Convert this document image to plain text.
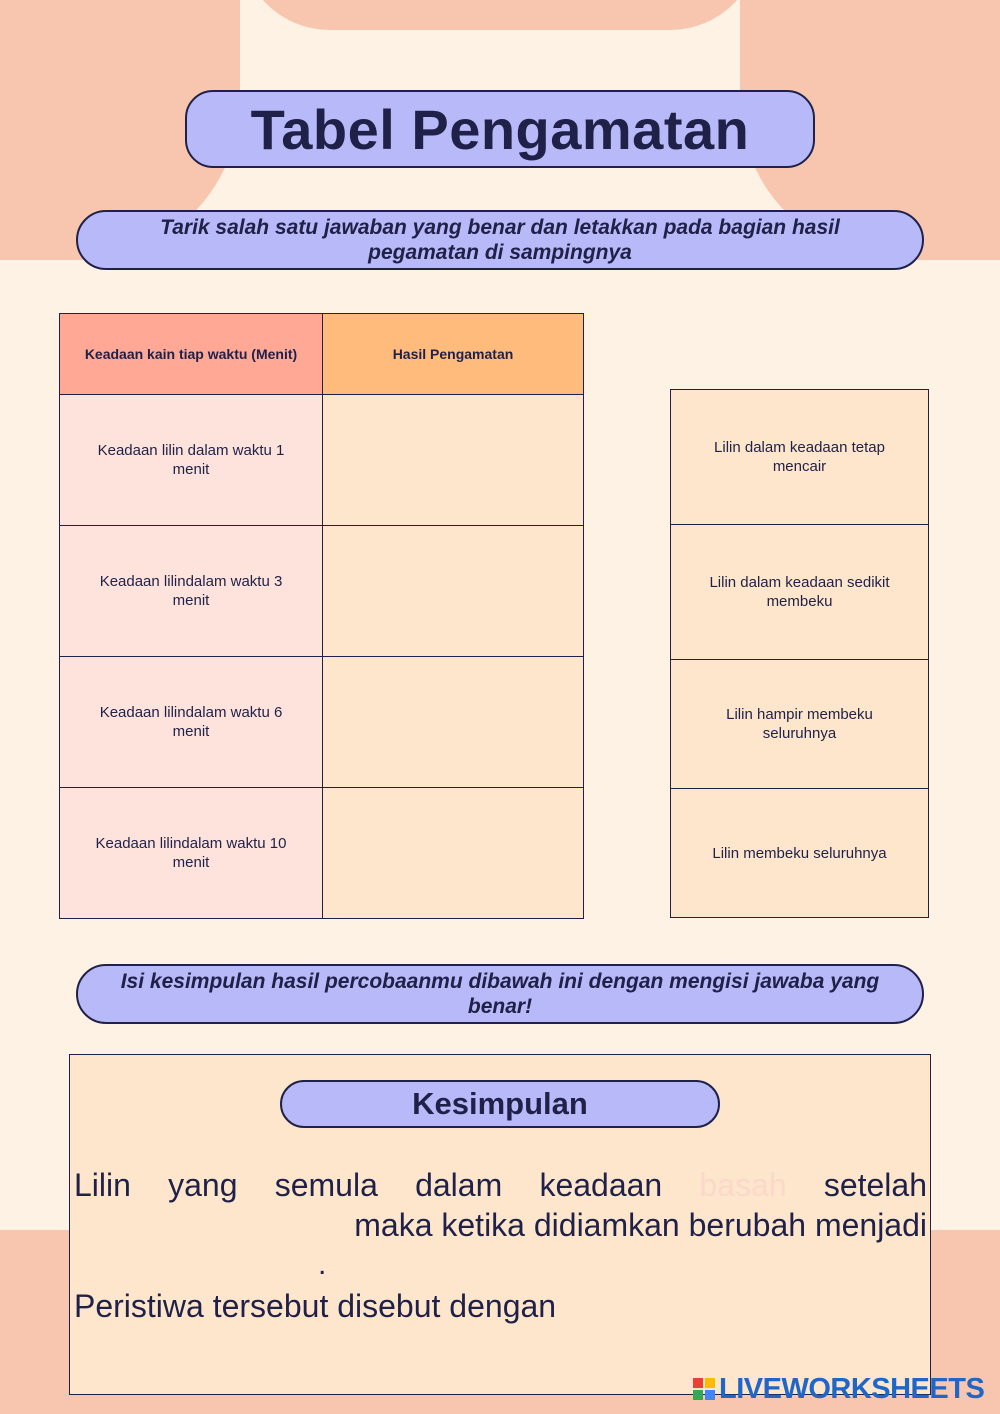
Tabel Pengamatan
Tarik salah satu jawaban yang benar dan letakkan pada bagian hasil pegamatan di sampingnya
Keadaan kain tiap waktu (Menit)	Hasil Pengamatan
Keadaan lilin dalam waktu 1 menit	
Keadaan lilindalam waktu 3 menit	
Keadaan lilindalam waktu 6 menit	
Keadaan lilindalam waktu 10 menit	
Lilin dalam keadaan tetap mencair
Lilin dalam keadaan sedikit membeku
Lilin hampir membeku seluruhnya
Lilin membeku seluruhnya
Isi kesimpulan hasil percobaanmu dibawah ini dengan mengisi jawaba yang benar!
Kesimpulan
Lilin yang semula dalam keadaan basah setelah
maka ketika didiamkan berubah menjadi
.
Peristiwa tersebut disebut dengan
LIVEWORKSHEETS
